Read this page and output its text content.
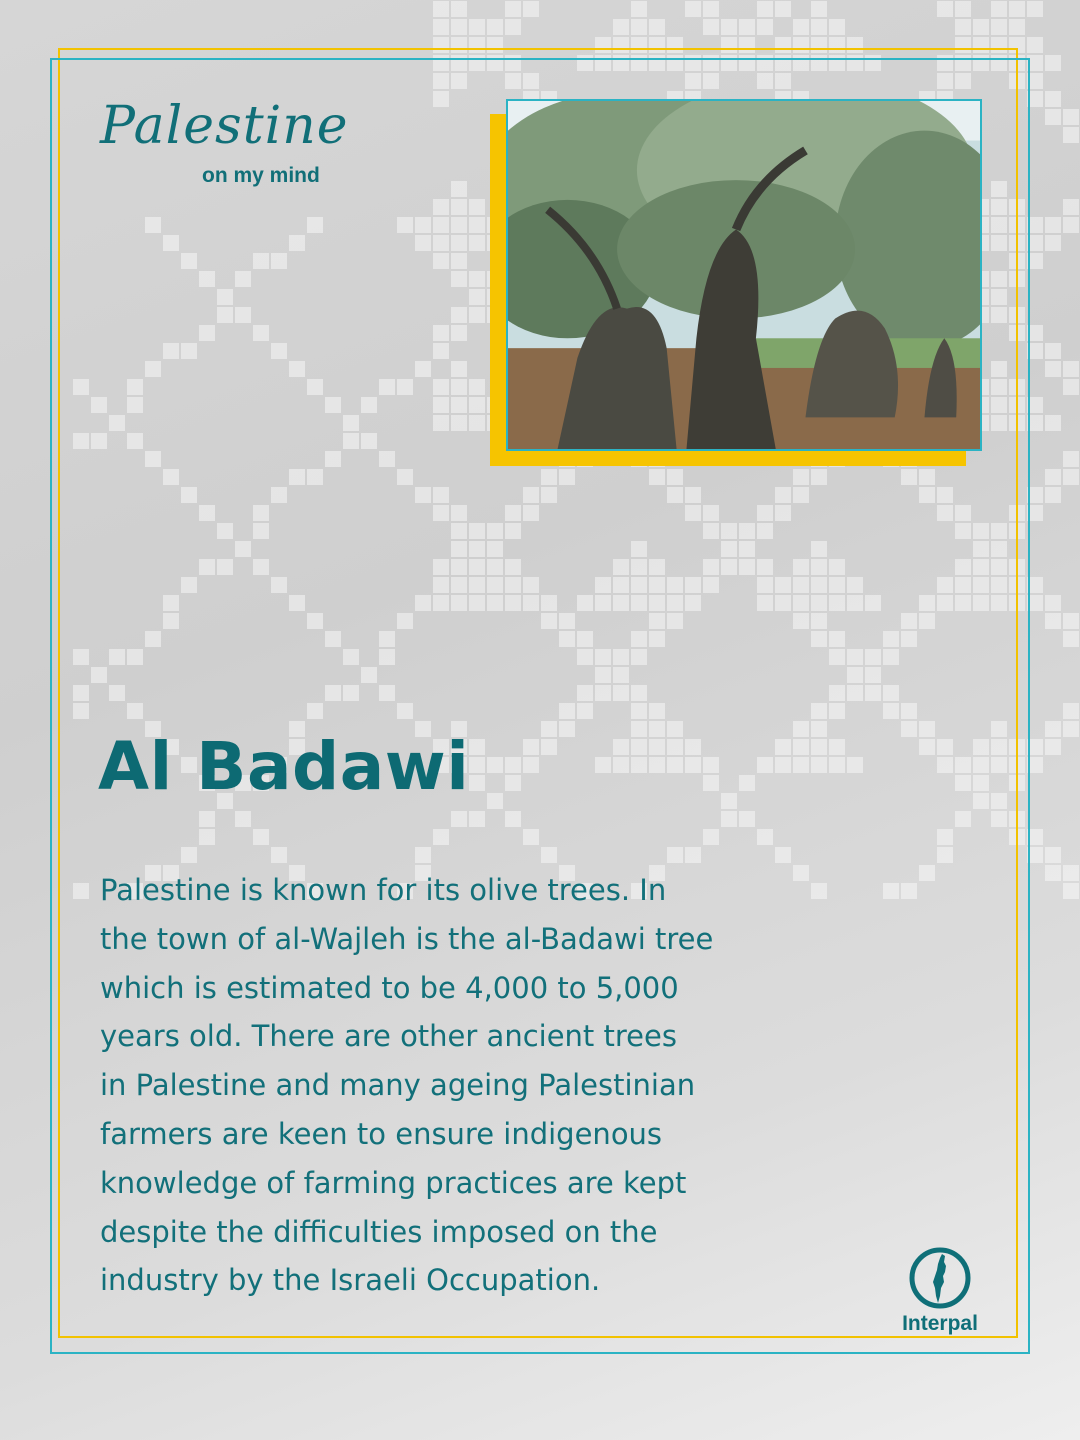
Palestine
on my mind
Al Badawi

Palestine is known for its olive trees. In
the town of al-Wajleh is the al-Badawi tree
which is estimated to be 4,000 to 5,000
years old. There are other ancient trees
in Palestine and many ageing Palestinian
farmers are keen to ensure indigenous
knowledge of farming practices are kept
despite the difficulties imposed on the
industry by the Israeli Occupation.

Interpal
